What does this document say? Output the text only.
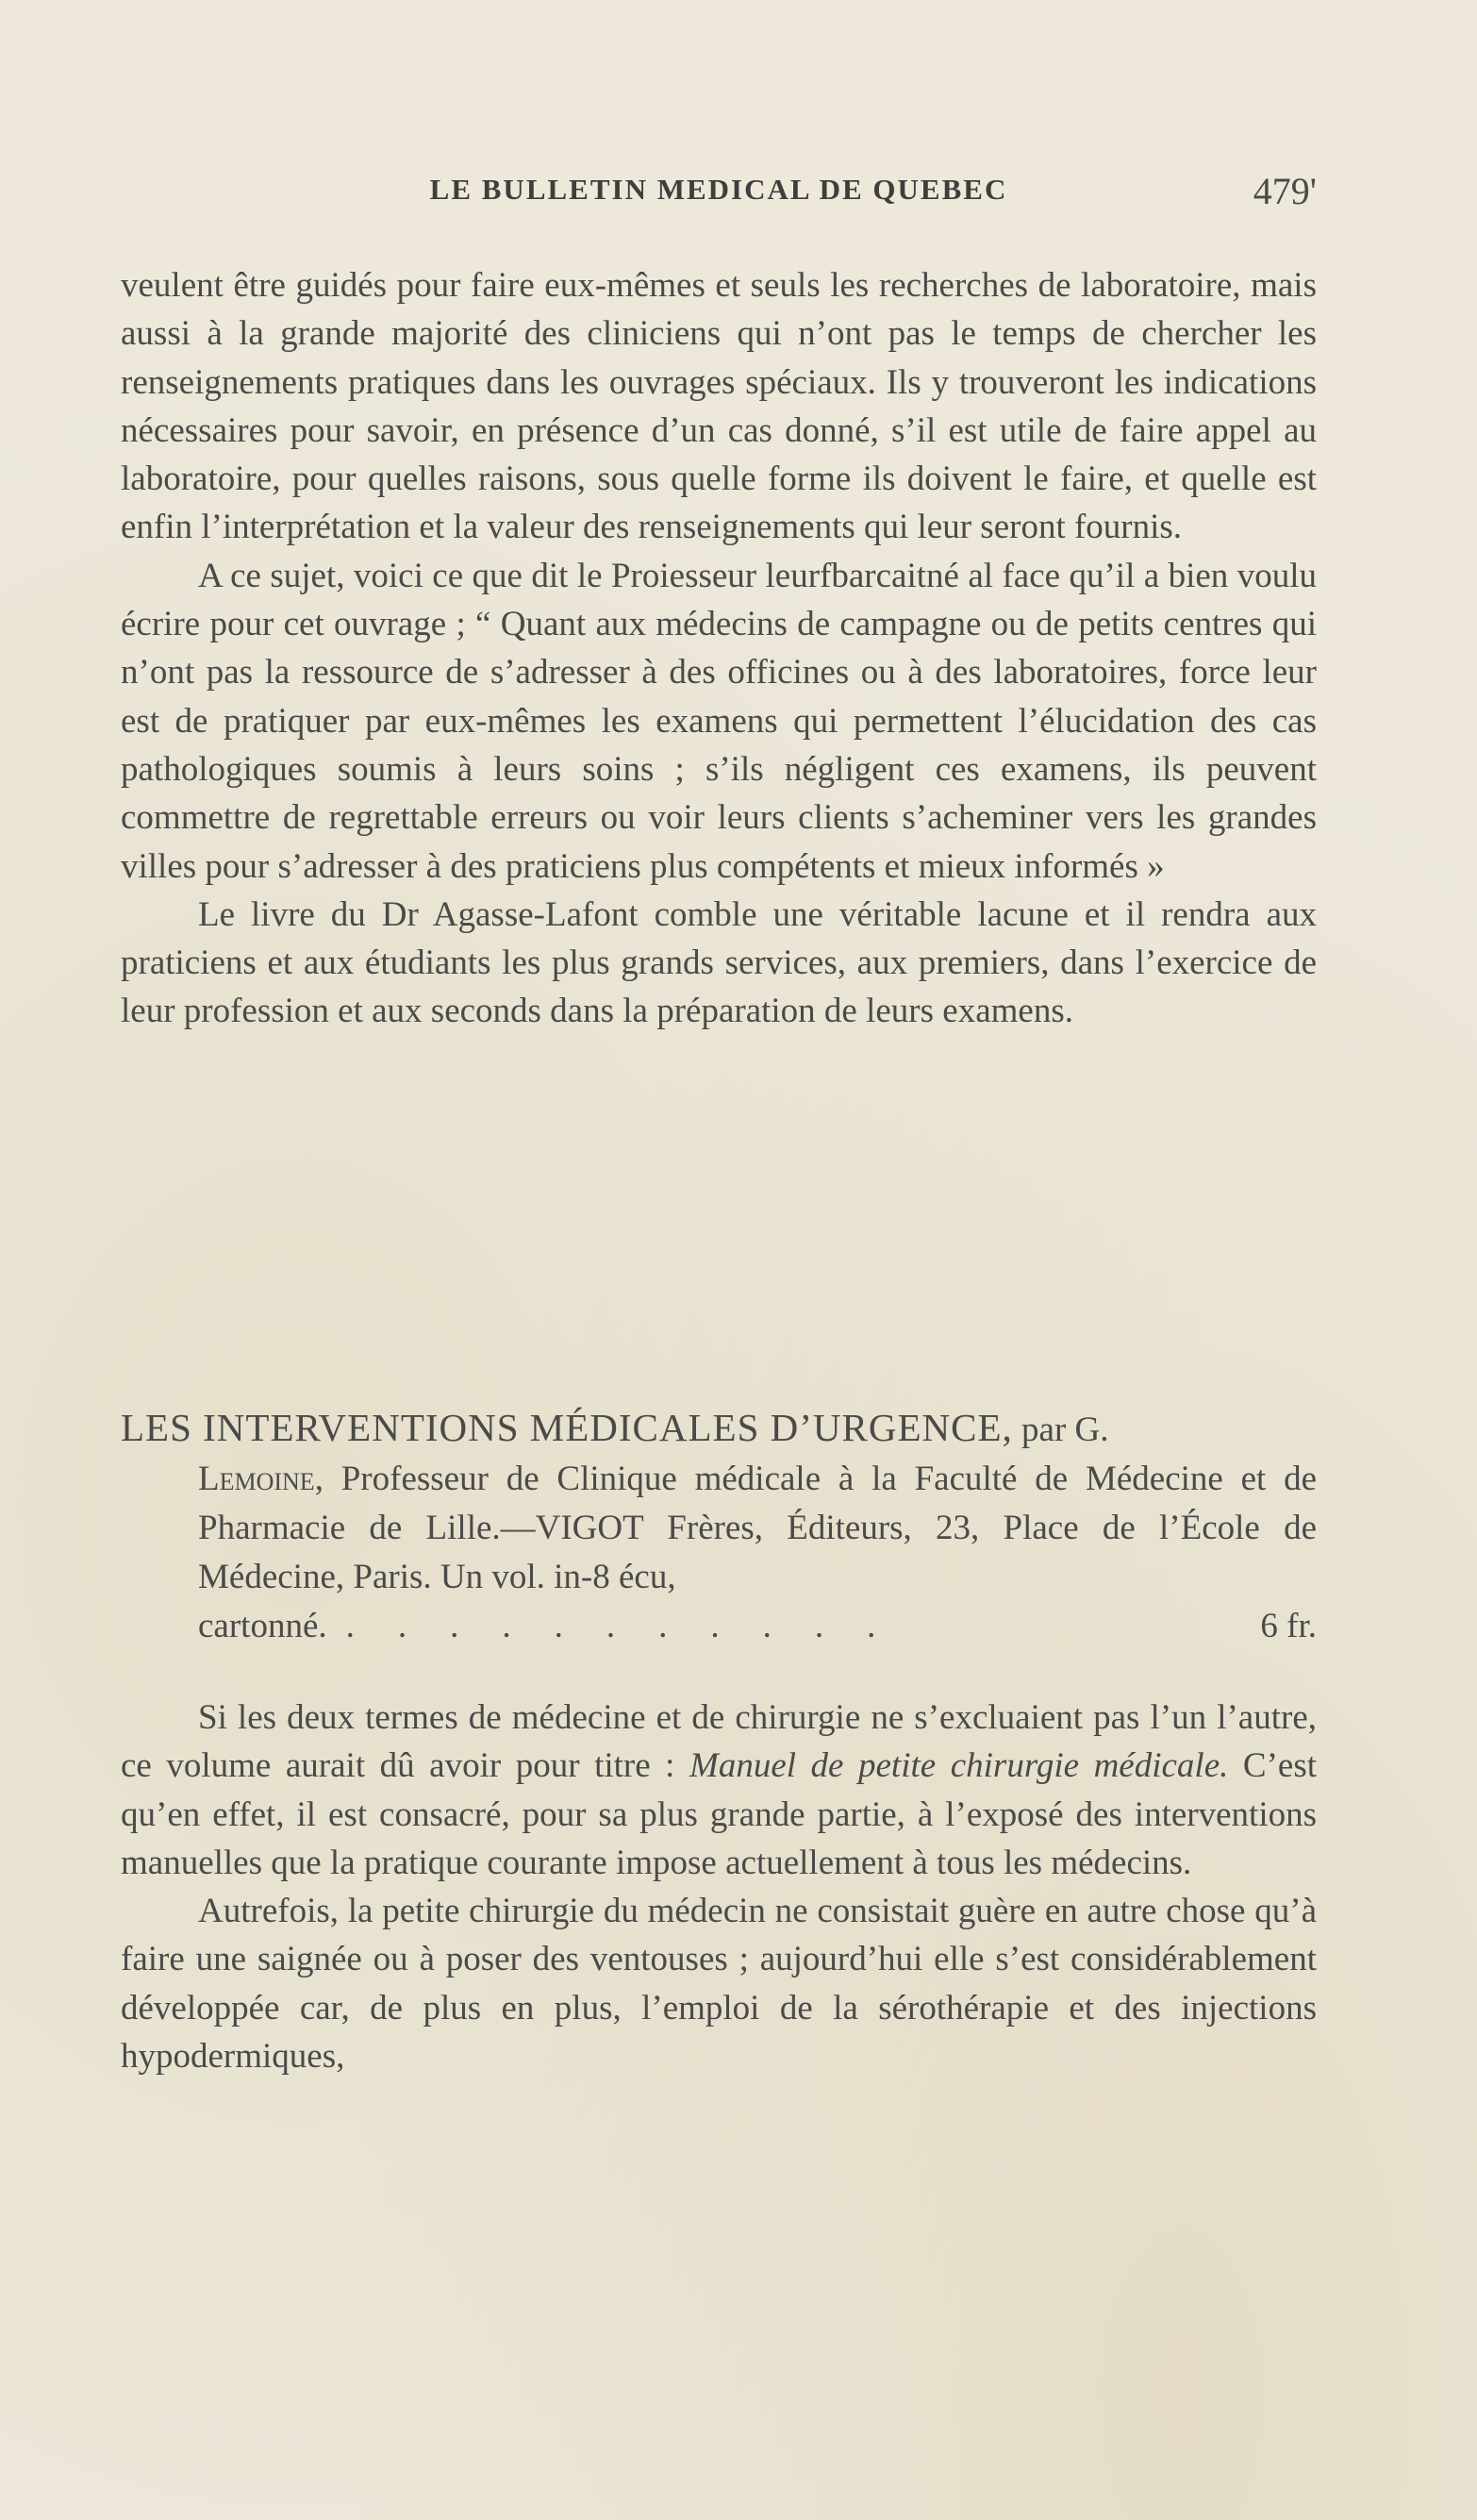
LE BULLETIN MEDICAL DE QUEBEC	479'

veulent être guidés pour faire eux-mêmes et seuls les recherches de laboratoire, mais aussi à la grande majorité des cliniciens qui n’ont pas le temps de chercher les renseignements pratiques dans les ouvrages spéciaux. Ils y trouveront les indications nécessaires pour savoir, en présence d’un cas donné, s’il est utile de faire appel au laboratoire, pour quelles raisons, sous quelle forme ils doivent le faire, et quelle est enfin l’interprétation et la valeur des renseignements qui leur seront fournis.

A ce sujet, voici ce que dit le Proiesseur leurfbarcaitné al face qu’il a bien voulu écrire pour cet ouvrage ; “ Quant aux médecins de campagne ou de petits centres qui n’ont pas la ressource de s’adresser à des officines ou à des laboratoires, force leur est de pratiquer par eux-mêmes les examens qui permettent l’élucidation des cas pathologiques soumis à leurs soins ; s’ils négligent ces examens, ils peuvent commettre de regrettable erreurs ou voir leurs clients s’acheminer vers les grandes villes pour s’adresser à des praticiens plus compétents et mieux informés »

Le livre du Dr Agasse-Lafont comble une véritable lacune et il rendra aux praticiens et aux étudiants les plus grands services, aux premiers, dans l’exercice de leur profession et aux seconds dans la préparation de leurs examens.

LES INTERVENTIONS MÉDICALES D’URGENCE, par G.
Lemoine, Professeur de Clinique médicale à la Faculté de Médecine et de Pharmacie de Lille.—VIGOT Frères, Éditeurs, 23, Place de l’École de Médecine, Paris. Un vol. in-8 écu,
cartonné. ...........	6 fr.

Si les deux termes de médecine et de chirurgie ne s’excluaient pas l’un l’autre, ce volume aurait dû avoir pour titre : Manuel de petite chirurgie médicale. C’est qu’en effet, il est consacré, pour sa plus grande partie, à l’exposé des interventions manuelles que la pratique courante impose actuellement à tous les médecins.

Autrefois, la petite chirurgie du médecin ne consistait guère en autre chose qu’à faire une saignée ou à poser des ventouses ; aujourd’hui elle s’est considérablement développée car, de plus en plus, l’emploi de la sérothérapie et des injections hypodermiques,
